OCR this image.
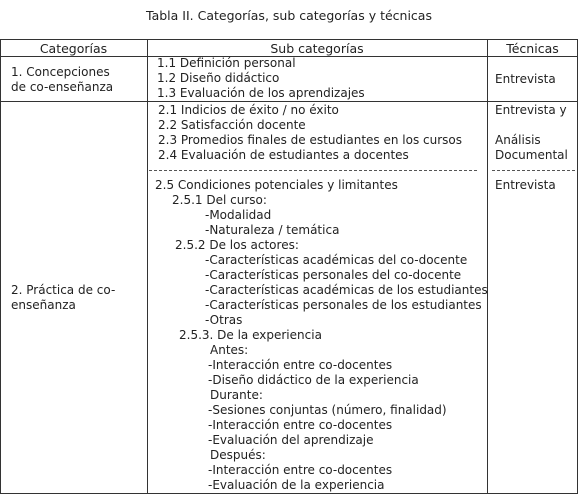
Tabla II. Categorías, sub categorías y técnicas
Categorías	Sub categorías	Técnicas
1. Concepciones
de co-enseñanza
1.1 Definición personal
1.2 Diseño didáctico
1.3 Evaluación de los aprendizajes
Entrevista
2. Práctica de co-
enseñanza
2.1 Indicios de éxito / no éxito
2.2 Satisfacción docente
2.3 Promedios finales de estudiantes en los cursos
2.4 Evaluación de estudiantes a docentes
Entrevista y
Análisis
Documental
2.5 Condiciones potenciales y limitantes
2.5.1 Del curso:
-Modalidad
-Naturaleza / temática
2.5.2 De los actores:
-Características académicas del co-docente
-Características personales del co-docente
-Características académicas de los estudiantes
-Características personales de los estudiantes
-Otras
2.5.3. De la experiencia
Antes:
-Interacción entre co-docentes
-Diseño didáctico de la experiencia
Durante:
-Sesiones conjuntas (número, finalidad)
-Interacción entre co-docentes
-Evaluación del aprendizaje
Después:
-Interacción entre co-docentes
-Evaluación de la experiencia
Entrevista
